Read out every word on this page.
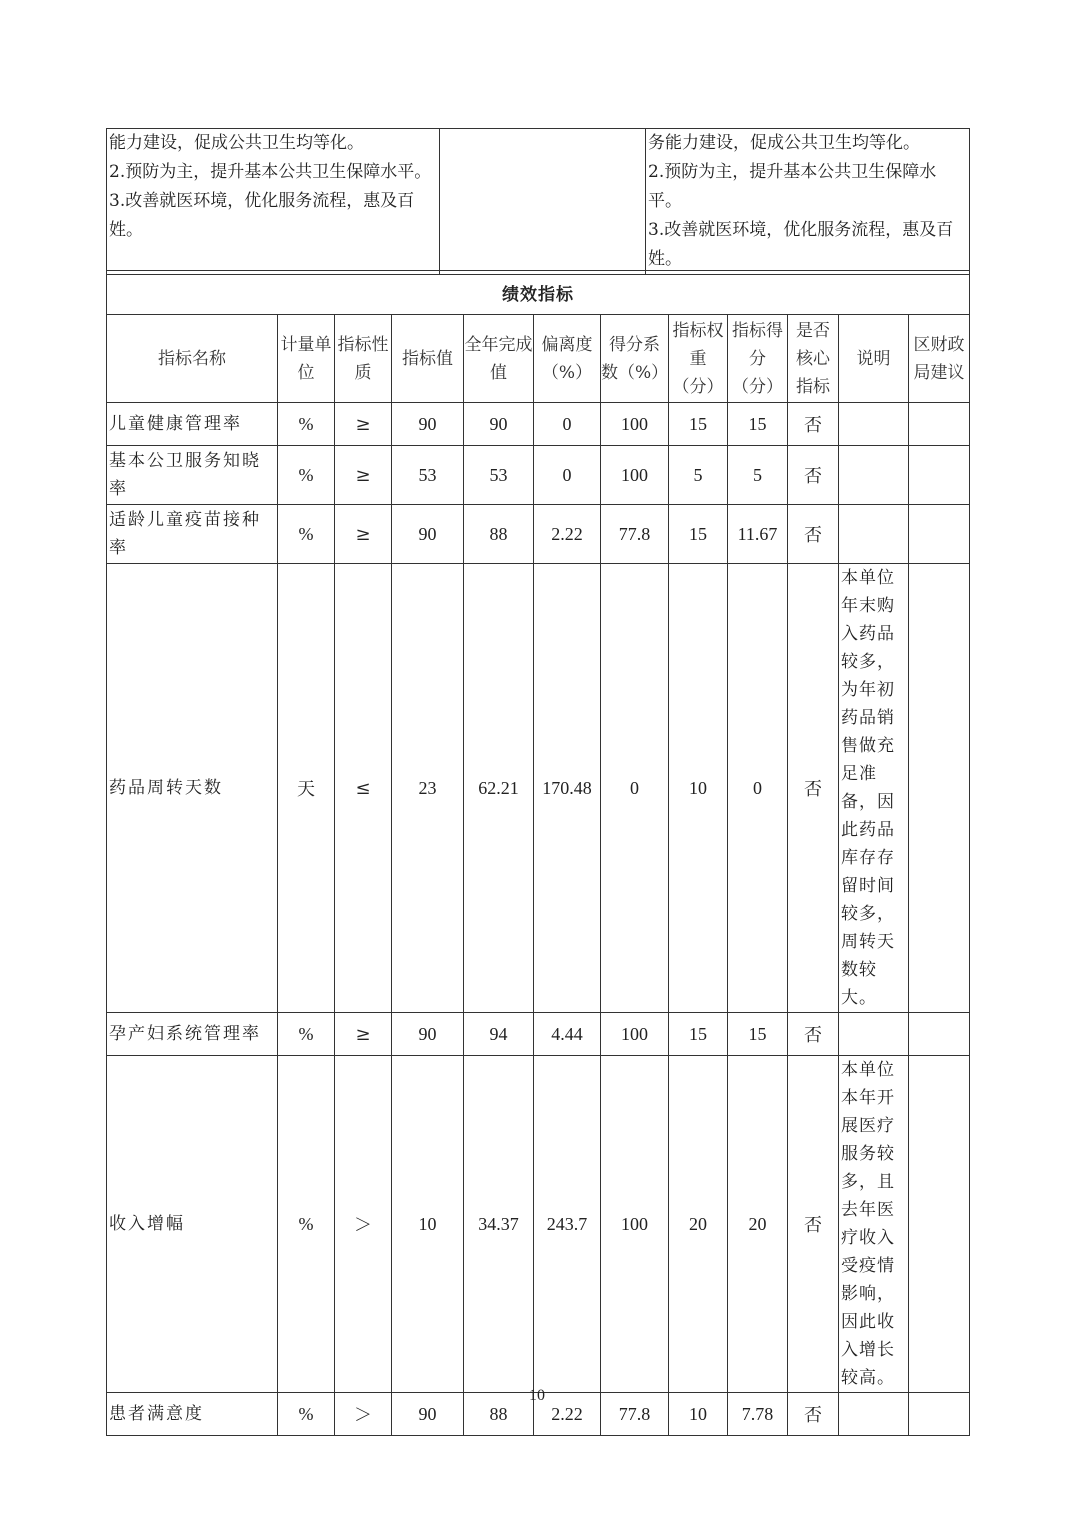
能力建设，促成公共卫生均等化。
2.预防为主，提升基本公共卫生保障水平。
3.改善就医环境，优化服务流程，惠及百姓。

务能力建设，促成公共卫生均等化。
2.预防为主，提升基本公共卫生保障水平。
3.改善就医环境，优化服务流程，惠及百姓。
绩效指标											
指标名称	计量单位	指标性质	指标值	全年完成值	偏离度（%）	得分系数（%）	指标权重（分）	指标得分（分）	是否核心指标	说明	区财政局建议
儿童健康管理率	%	≥	90	90	0	100	15	15	否		
基本公卫服务知晓率	%	≥	53	53	0	100	5	5	否		
适龄儿童疫苗接种率	%	≥	90	88	2.22	77.8	15	11.67	否		
药品周转天数	天	≤	23	62.21	170.48	0	10	0	否	本单位年末购入药品较多，为年初药品销售做充足准备，因此药品库存存留时间较多，周转天数较大。	
孕产妇系统管理率	%	≥	90	94	4.44	100	15	15	否		
收入增幅	%	＞	10	34.37	243.7	100	20	20	否	本单位本年开展医疗服务较多，且去年医疗收入受疫情影响，因此收入增长较高。	
患者满意度	%	＞	90	88	2.22	77.8	10	7.78	否		
10
